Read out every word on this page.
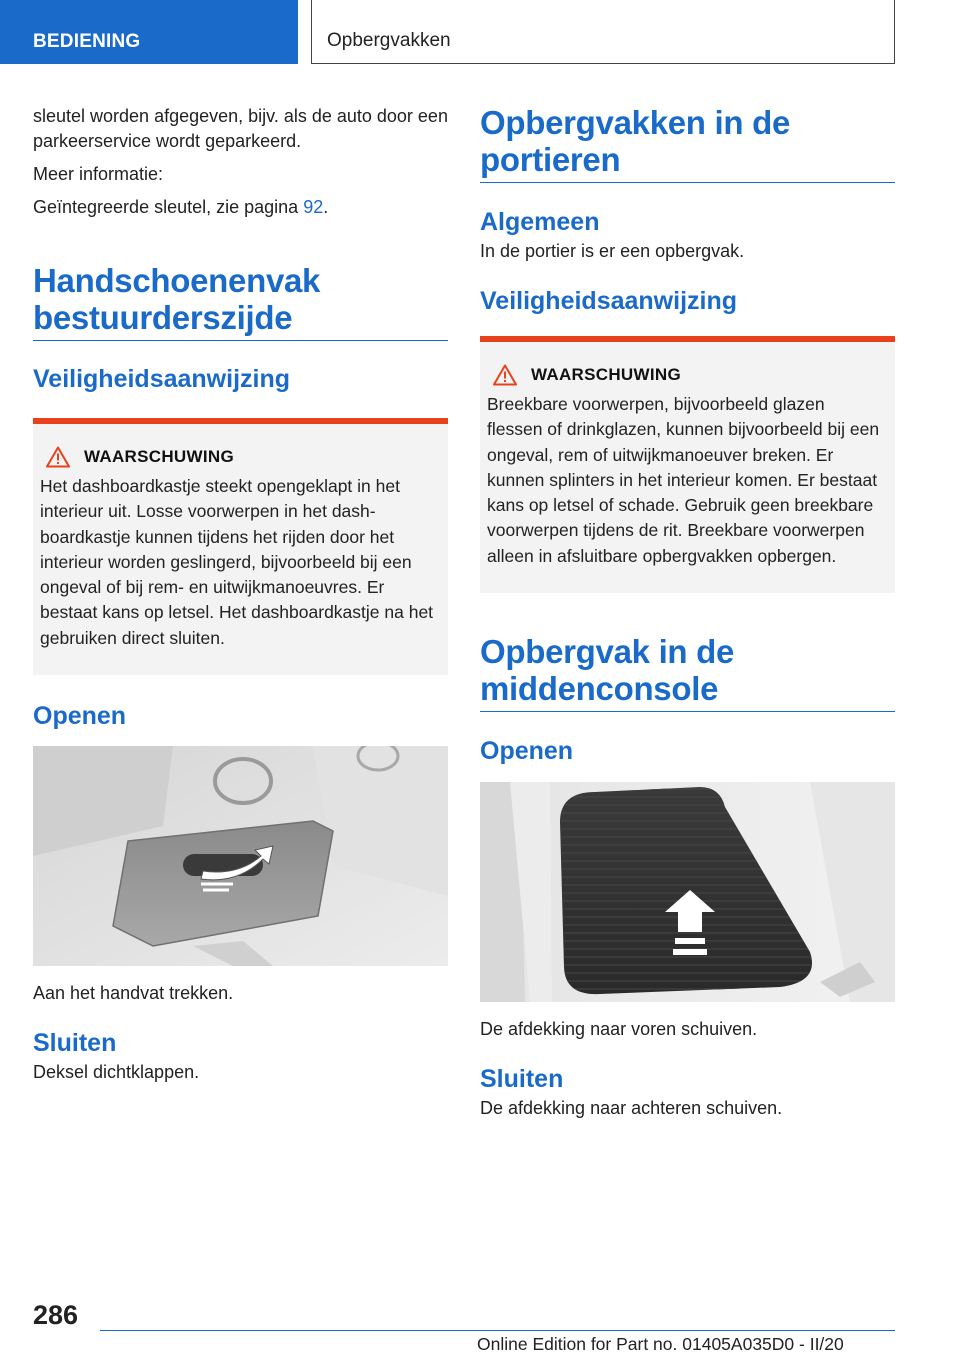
BEDIENING	Opbergvakken

sleutel worden afgegeven, bijv. als de auto door een parkeerservice wordt geparkeerd.

Meer informatie:

Geïntegreerde sleutel, zie pagina 92.

Handschoenenvak bestuurderszijde
Veiligheidsaanwijzing
WAARSCHUWING

Het dashboardkastje steekt opengeklapt in het interieur uit. Losse voorwerpen in het dashboardkastje kunnen tijdens het rijden door het interieur worden geslingerd, bijvoorbeeld bij een ongeval of bij rem- en uitwijkmanoeuvres. Er bestaat kans op letsel. Het dashboardkastje na het gebruiken direct sluiten.

Openen

Aan het handvat trekken.

Sluiten

Deksel dichtklappen.

Opbergvakken in de portieren
Algemeen

In de portier is er een opbergvak.

Veiligheidsaanwijzing
WAARSCHUWING

Breekbare voorwerpen, bijvoorbeeld glazen flessen of drinkglazen, kunnen bijvoorbeeld bij een ongeval, rem of uitwijkmanoeuver breken. Er kunnen splinters in het interieur komen. Er bestaat kans op letsel of schade. Gebruik geen breekbare voorwerpen tijdens de rit. Breekbare voorwerpen alleen in afsluitbare opbergvakken opbergen.

Opbergvak in de middenconsole
Openen

De afdekking naar voren schuiven.

Sluiten

De afdekking naar achteren schuiven.

286
Online Edition for Part no. 01405A035D0 - II/20
